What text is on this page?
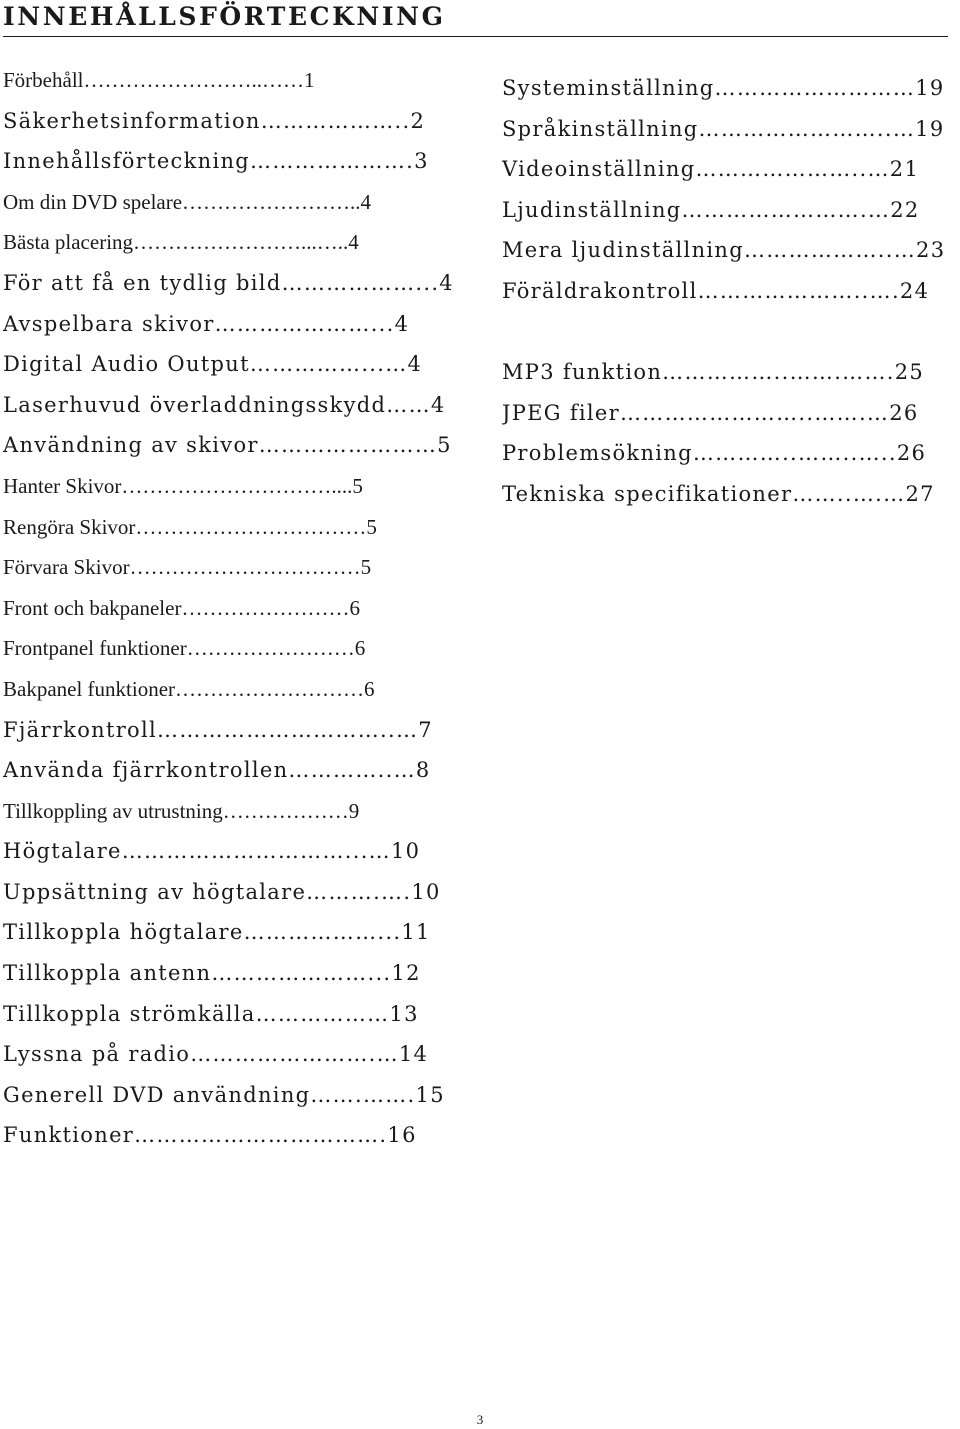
INNEHÅLLSFÖRTECKNING
Förbehåll……………………..……1
Säkerhetsinformation………………..2
Innehållsförteckning………………….3
Om din DVD spelare……………………..4
Bästa placering……………………...…..4
För att få en tydlig bild………………...4
Avspelbara skivor…………………...4
Digital Audio Output……………...…4
Laserhuvud överladdningsskydd……4
Användning av skivor……………………5
Hanter Skivor…………………………....5
Rengöra Skivor……………………………5
Förvara Skivor……………………………5
Front och bakpaneler……………………6
Frontpanel funktioner……………………6
Bakpanel funktioner………………………6
Fjärrkontroll…………………………..…7
Använda fjärrkontrollen…………..…8
Tillkoppling av utrustning………………9
Högtalare…………………………...…10
Uppsättning av högtalare……….….10
Tillkoppla högtalare………………...11
Tillkoppla antenn…………………...12
Tillkoppla strömkälla………………13
Lyssna på radio…………………….…14
Generell DVD användning…….…….15
Funktioner…………………………….16
Systeminställning………………………19
Språkinställning……………………..…19
Videoinställning…………………..…21
Ljudinställning…………………….…22
Mera ljudinställning………………..…23
Föräldrakontroll…………………..….24
MP3 funktion……………..…….…….25
JPEG filer……………………..…….…26
Problemsökning…………..……..…..26
Tekniska specifikationer……..….…27
3
